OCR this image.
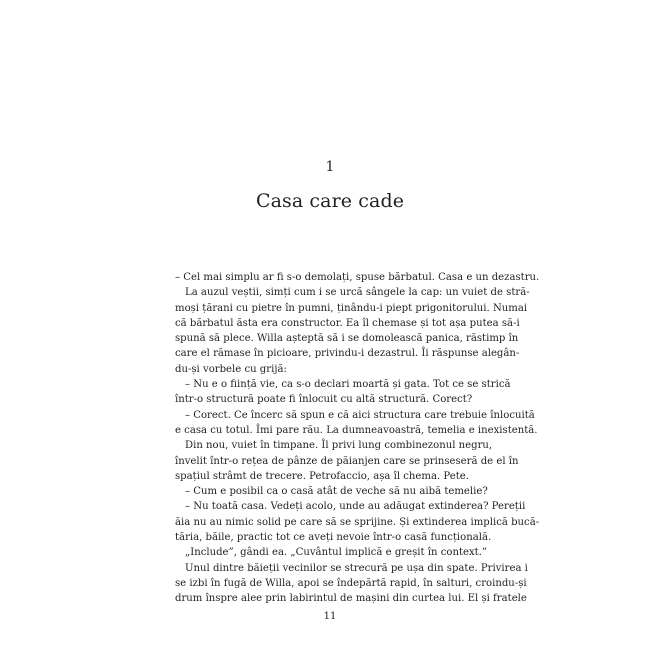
1
Casa care cade
– Cel mai simplu ar fi s-o demolați, spuse bărbatul. Casa e un dezastru.
La auzul veștii, simți cum i se urcă sângele la cap: un vuiet de stră-
moși țărani cu pietre în pumni, ținându-i piept prigonitorului. Numai
că bărbatul ăsta era constructor. Ea îl chemase și tot așa putea să-i
spună să plece. Willa așteptă să i se domolească panica, răstimp în
care el rămase în picioare, privindu-i dezastrul. Îi răspunse alegân-
du-și vorbele cu grijă:
– Nu e o ființă vie, ca s-o declari moartă și gata. Tot ce se strică
într-o structură poate fi înlocuit cu altă structură. Corect?
– Corect. Ce încerc să spun e că aici structura care trebuie înlocuită
e casa cu totul. Îmi pare rău. La dumneavoastră, temelia e inexistentă.
Din nou, vuiet în timpane. Îl privi lung combinezonul negru,
învelit într-o rețea de pânze de păianjen care se prinseseră de el în
spațiul strâmt de trecere. Petrofaccio, așa îl chema. Pete.
– Cum e posibil ca o casă atât de veche să nu aibă temelie?
– Nu toată casa. Vedeți acolo, unde au adăugat extinderea? Pereții
ăia nu au nimic solid pe care să se sprijine. Și extinderea implică bucă-
tăria, băile, practic tot ce aveți nevoie într-o casă funcțională.
„Include”, gândi ea. „Cuvântul implică e greșit în context.”
Unul dintre băieții vecinilor se strecură pe ușa din spate. Privirea i
se izbi în fugă de Willa, apoi se îndepărtă rapid, în salturi, croindu-și
drum înspre alee prin labirintul de mașini din curtea lui. El și fratele
11
